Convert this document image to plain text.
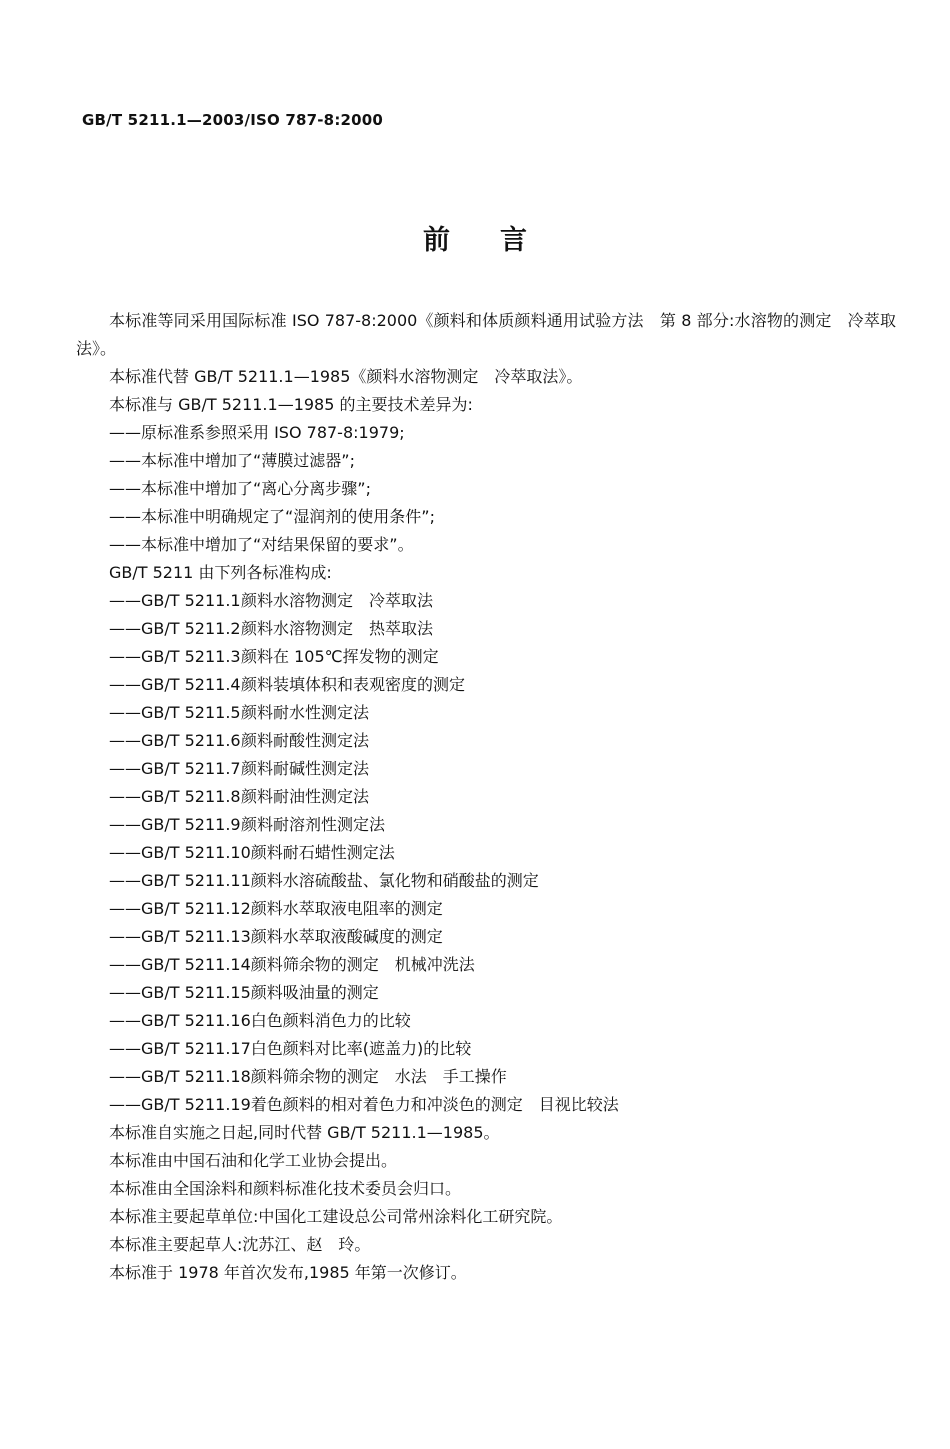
GB/T 5211.1—2003/ISO 787-8:2000
前言

本标准等同采用国际标准 ISO 787-8:2000《颜料和体质颜料通用试验方法　第 8 部分:水溶物的测定　冷萃取法》。

本标准代替 GB/T 5211.1—1985《颜料水溶物测定　冷萃取法》。

本标准与 GB/T 5211.1—1985 的主要技术差异为:

——原标准系参照采用 ISO 787-8:1979;

——本标准中增加了“薄膜过滤器”;

——本标准中增加了“离心分离步骤”;

——本标准中明确规定了“湿润剂的使用条件”;

——本标准中增加了“对结果保留的要求”。

GB/T 5211 由下列各标准构成:

——GB/T 5211.1颜料水溶物测定　冷萃取法

——GB/T 5211.2颜料水溶物测定　热萃取法

——GB/T 5211.3颜料在 105℃挥发物的测定

——GB/T 5211.4颜料装填体积和表观密度的测定

——GB/T 5211.5颜料耐水性测定法

——GB/T 5211.6颜料耐酸性测定法

——GB/T 5211.7颜料耐碱性测定法

——GB/T 5211.8颜料耐油性测定法

——GB/T 5211.9颜料耐溶剂性测定法

——GB/T 5211.10颜料耐石蜡性测定法

——GB/T 5211.11颜料水溶硫酸盐、氯化物和硝酸盐的测定

——GB/T 5211.12颜料水萃取液电阻率的测定

——GB/T 5211.13颜料水萃取液酸碱度的测定

——GB/T 5211.14颜料筛余物的测定　机械冲洗法

——GB/T 5211.15颜料吸油量的测定

——GB/T 5211.16白色颜料消色力的比较

——GB/T 5211.17白色颜料对比率(遮盖力)的比较

——GB/T 5211.18颜料筛余物的测定　水法　手工操作

——GB/T 5211.19着色颜料的相对着色力和冲淡色的测定　目视比较法

本标准自实施之日起,同时代替 GB/T 5211.1—1985。

本标准由中国石油和化学工业协会提出。

本标准由全国涂料和颜料标准化技术委员会归口。

本标准主要起草单位:中国化工建设总公司常州涂料化工研究院。

本标准主要起草人:沈苏江、赵　玲。

本标准于 1978 年首次发布,1985 年第一次修订。
